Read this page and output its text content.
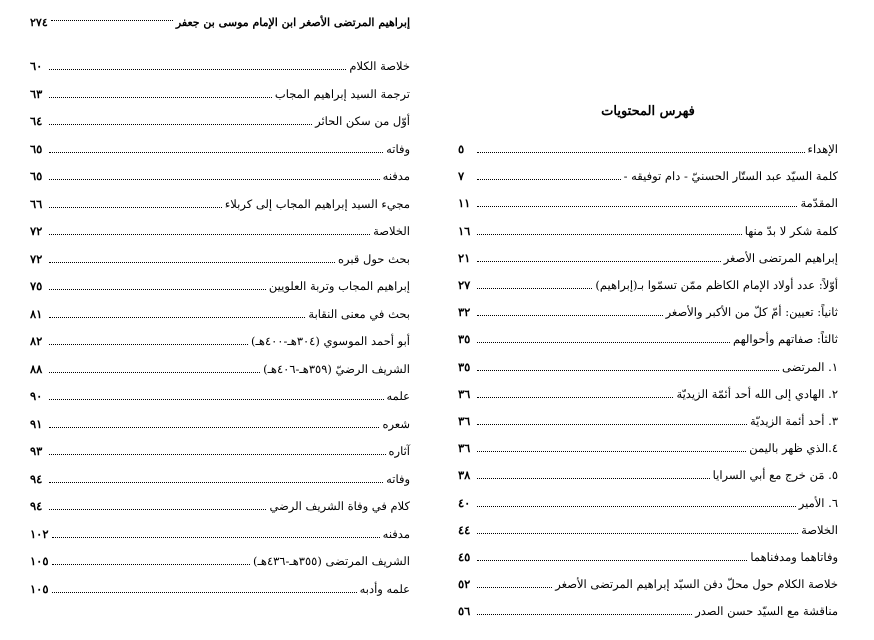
إبراهيم المرتضى الأصغر ابن الإمام موسى بن جعفر
٢٧٤
خلاصة الكلام
٦٠
ترجمة السيد إبراهيم المجاب
٦٣
أوّل من سكن الحائر
٦٤
وفاته
٦٥
مدفنه
٦٥
مجيء السيد إبراهيم المجاب إلى كربلاء
٦٦
الخلاصة
٧٢
بحث حول قبره
٧٢
إبراهيم المجاب وتربة العلويين
٧٥
بحث في معنى النقابة
٨١
أبو أحمد الموسوي (٣٠٤هـ-٤٠٠هـ)
٨٢
الشريف الرضيّ (٣٥٩هـ-٤٠٦هـ)
٨٨
علمه
٩٠
شعره
٩١
آثاره
٩٣
وفاته
٩٤
كلام في وفاة الشريف الرضي
٩٤
مدفنه
١٠٢
الشريف المرتضى (٣٥٥هـ-٤٣٦هـ)
١٠٥
علمه وأدبه
١٠٥
فهرس المحتويات
الإهداء
٥
كلمة السيّد عبد الستّار الحسنيّ - دام توفيقه -
٧
المقدّمة
١١
كلمة شكر لا بدّ منها
١٦
إبراهيم المرتضى الأصغر
٢١
أوّلاً: عدد أولاد الإمام الكاظم ممّن تسمّوا بـ(إبراهيم)
٢٧
ثانياً: تعيين: أمّ كلّ من الأكبر والأصغر
٣٢
ثالثاً: صفاتهم وأحوالهم
٣٥
١. المرتضى
٣٥
٢. الهادي إلى الله أحد أئمّة الزيديّة
٣٦
٣. أحد أئمة الزيديّة
٣٦
٤.الذي ظهر باليمن
٣٦
٥. مَن خرج مع أبي السرايا
٣٨
٦. الأمير
٤٠
الخلاصة
٤٤
وفاتاهما ومدفناهما
٤٥
خلاصة الكلام حول محلّ دفن السيّد إبراهيم المرتضى الأصغر
٥٢
مناقشة مع السيّد حسن الصدر
٥٦
